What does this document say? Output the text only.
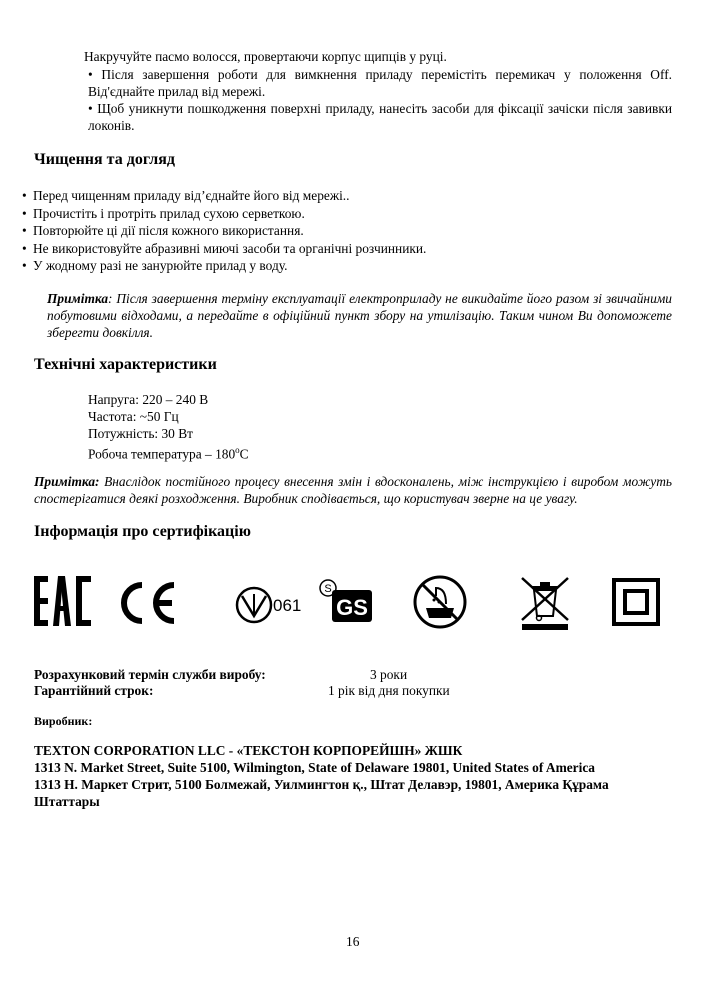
Накручуйте пасмо волосся, провертаючи корпус щипців у руці.
• Після завершення роботи для вимкнення приладу перемістіть перемикач у положення Off. Від'єднайте прилад від мережі.
• Щоб уникнути пошкодження поверхні приладу, нанесіть засоби для фіксації зачіски після завивки локонів.
Чищення та догляд
• Перед чищенням приладу від’єднайте його від мережі..
• Прочистіть і протріть прилад сухою серветкою.
• Повторюйте ці дії після кожного використання.
• Не використовуйте абразивні миючі засоби та органічні розчинники.
• У жодному разі не занурюйте прилад у воду.
Примітка: Після завершення терміну експлуатації електроприладу не викидайте його разом зі звичайними побутовими відходами, а передайте в офіційний пункт збору на утилізацію. Таким чином Ви допоможете зберегти довкілля.
Технічні характеристики
Напруга: 220 – 240 В
Частота: ~50 Гц
Потужність: 30 Вт
Робоча температура – $180^оС$
Примітка: Внаслідок постійного процесу внесення змін і вдосконалень, між інструкцією і виробом можуть спостерігатися деякі розходження. Виробник сподівається, що користувач зверне на це увагу.
Інформація про сертифікацію
061
S
GS
Розрахунковий термін служби виробу:	3 роки
Гарантійний строк:	1 рік від дня покупки
Виробник:
TEXTON CORPORATION LLC - «ТЕКСТОН КОРПОРЕЙШН» ЖШК
1313 N. Market Street, Suite 5100, Wilmington, State of Delaware 19801, United States of America
1313 Н. Маркет Стрит, 5100 Болмежай, Уилмингтон қ., Штат Делавэр, 19801, Америка Құрама Штаттары
16
